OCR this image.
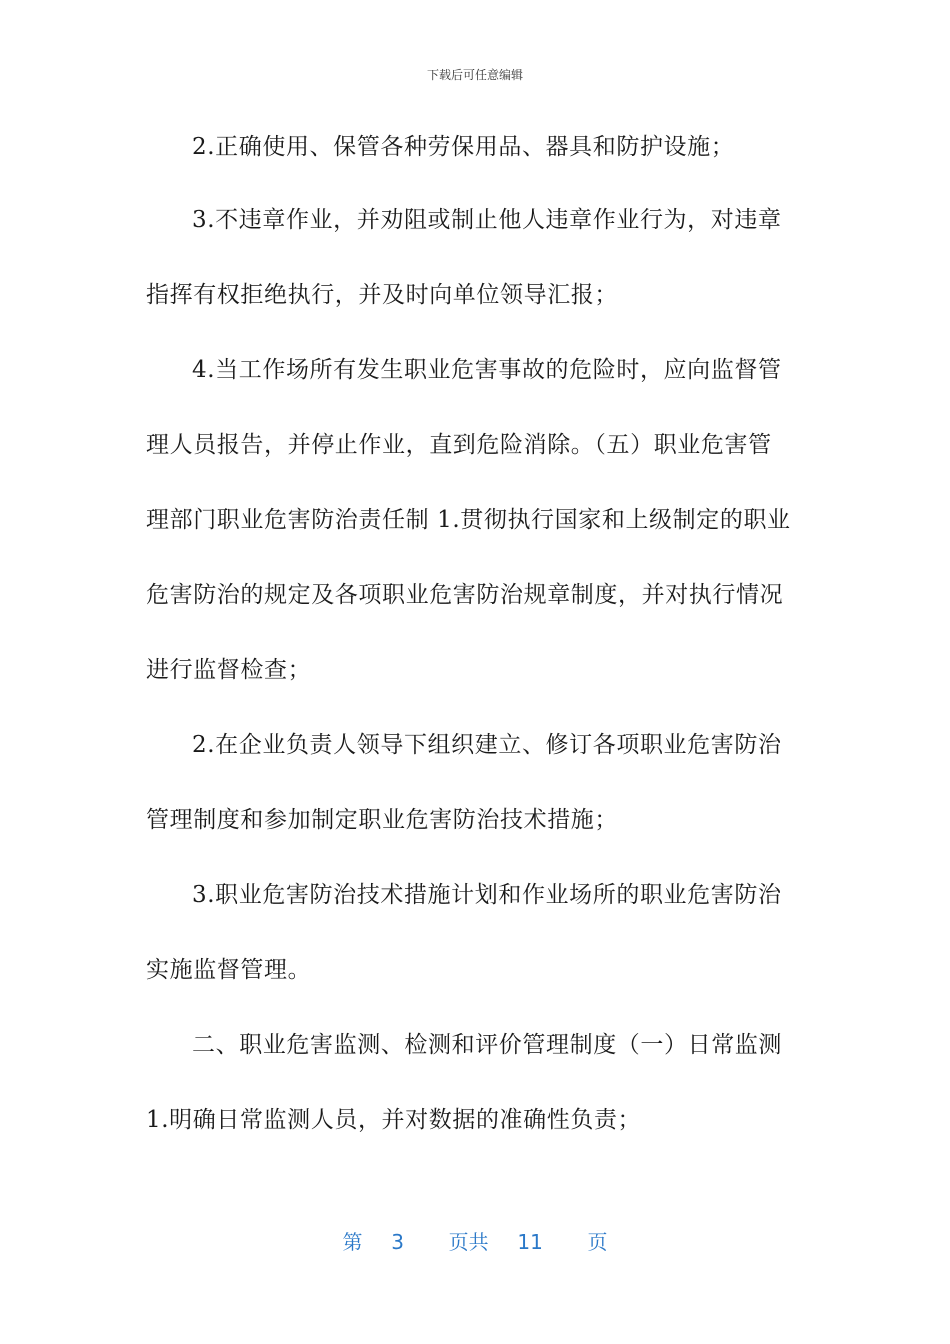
下载后可任意编辑
2.正确使用、保管各种劳保用品、器具和防护设施；
3.不违章作业，并劝阻或制止他人违章作业行为，对违章
指挥有权拒绝执行，并及时向单位领导汇报；
4.当工作场所有发生职业危害事故的危险时，应向监督管
理人员报告，并停止作业，直到危险消除。（五）职业危害管
理部门职业危害防治责任制 1.贯彻执行国家和上级制定的职业
危害防治的规定及各项职业危害防治规章制度，并对执行情况
进行监督检查；
2.在企业负责人领导下组织建立、修订各项职业危害防治
管理制度和参加制定职业危害防治技术措施；
3.职业危害防治技术措施计划和作业场所的职业危害防治
实施监督管理。
二、职业危害监测、检测和评价管理制度（一）日常监测
1.明确日常监测人员，并对数据的准确性负责；
第 3 页共 11 页
